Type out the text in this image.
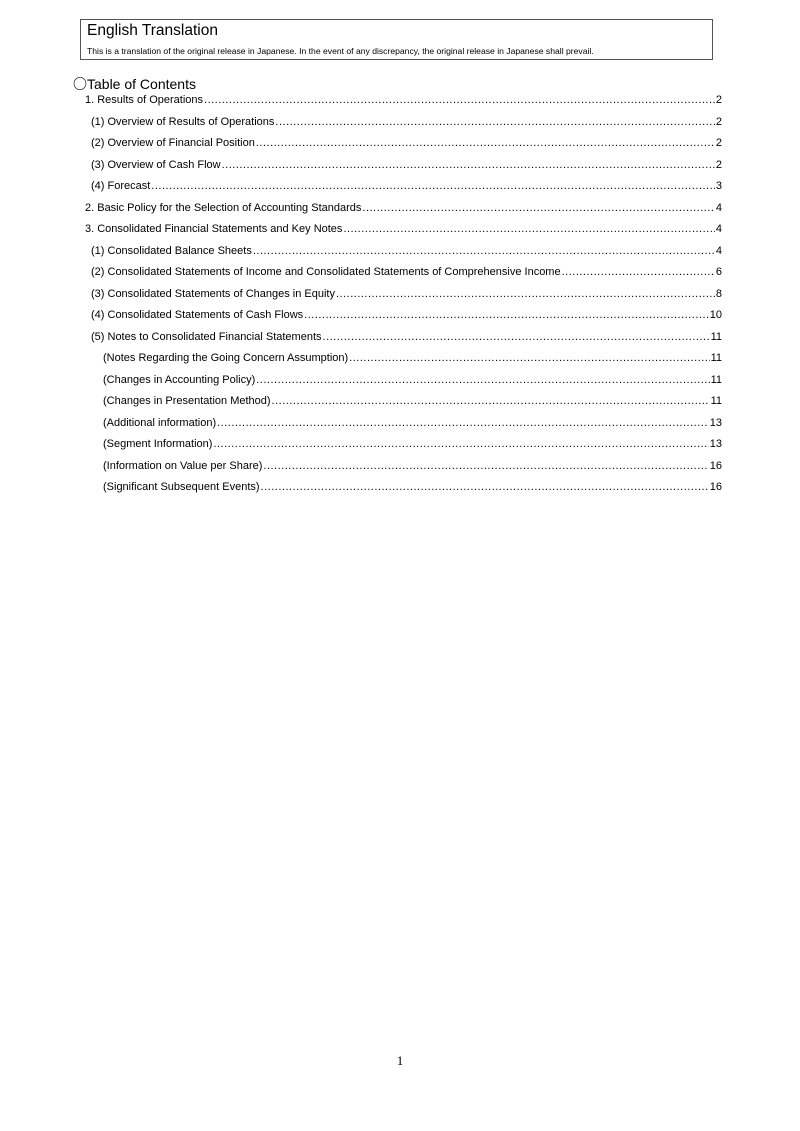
English Translation
This is a translation of the original release in Japanese. In the event of any discrepancy, the original release in Japanese shall prevail.
〇Table of Contents
1. Results of Operations .....	2
(1) Overview of Results of Operations .....	2
(2) Overview of Financial Position .....	2
(3) Overview of Cash Flow .....	2
(4) Forecast .....	3
2. Basic Policy for the Selection of Accounting Standards .....	4
3. Consolidated Financial Statements and Key Notes .....	4
(1) Consolidated Balance Sheets .....	4
(2) Consolidated Statements of Income and Consolidated Statements of Comprehensive Income .....	6
(3) Consolidated Statements of Changes in Equity .....	8
(4) Consolidated Statements of Cash Flows .....	10
(5) Notes to Consolidated Financial Statements .....	11
(Notes Regarding the Going Concern Assumption) .....	11
(Changes in Accounting Policy) .....	11
(Changes in Presentation Method) .....	11
(Additional information) .....	13
(Segment Information) .....	13
(Information on Value per Share) .....	16
(Significant Subsequent Events) .....	16
1
